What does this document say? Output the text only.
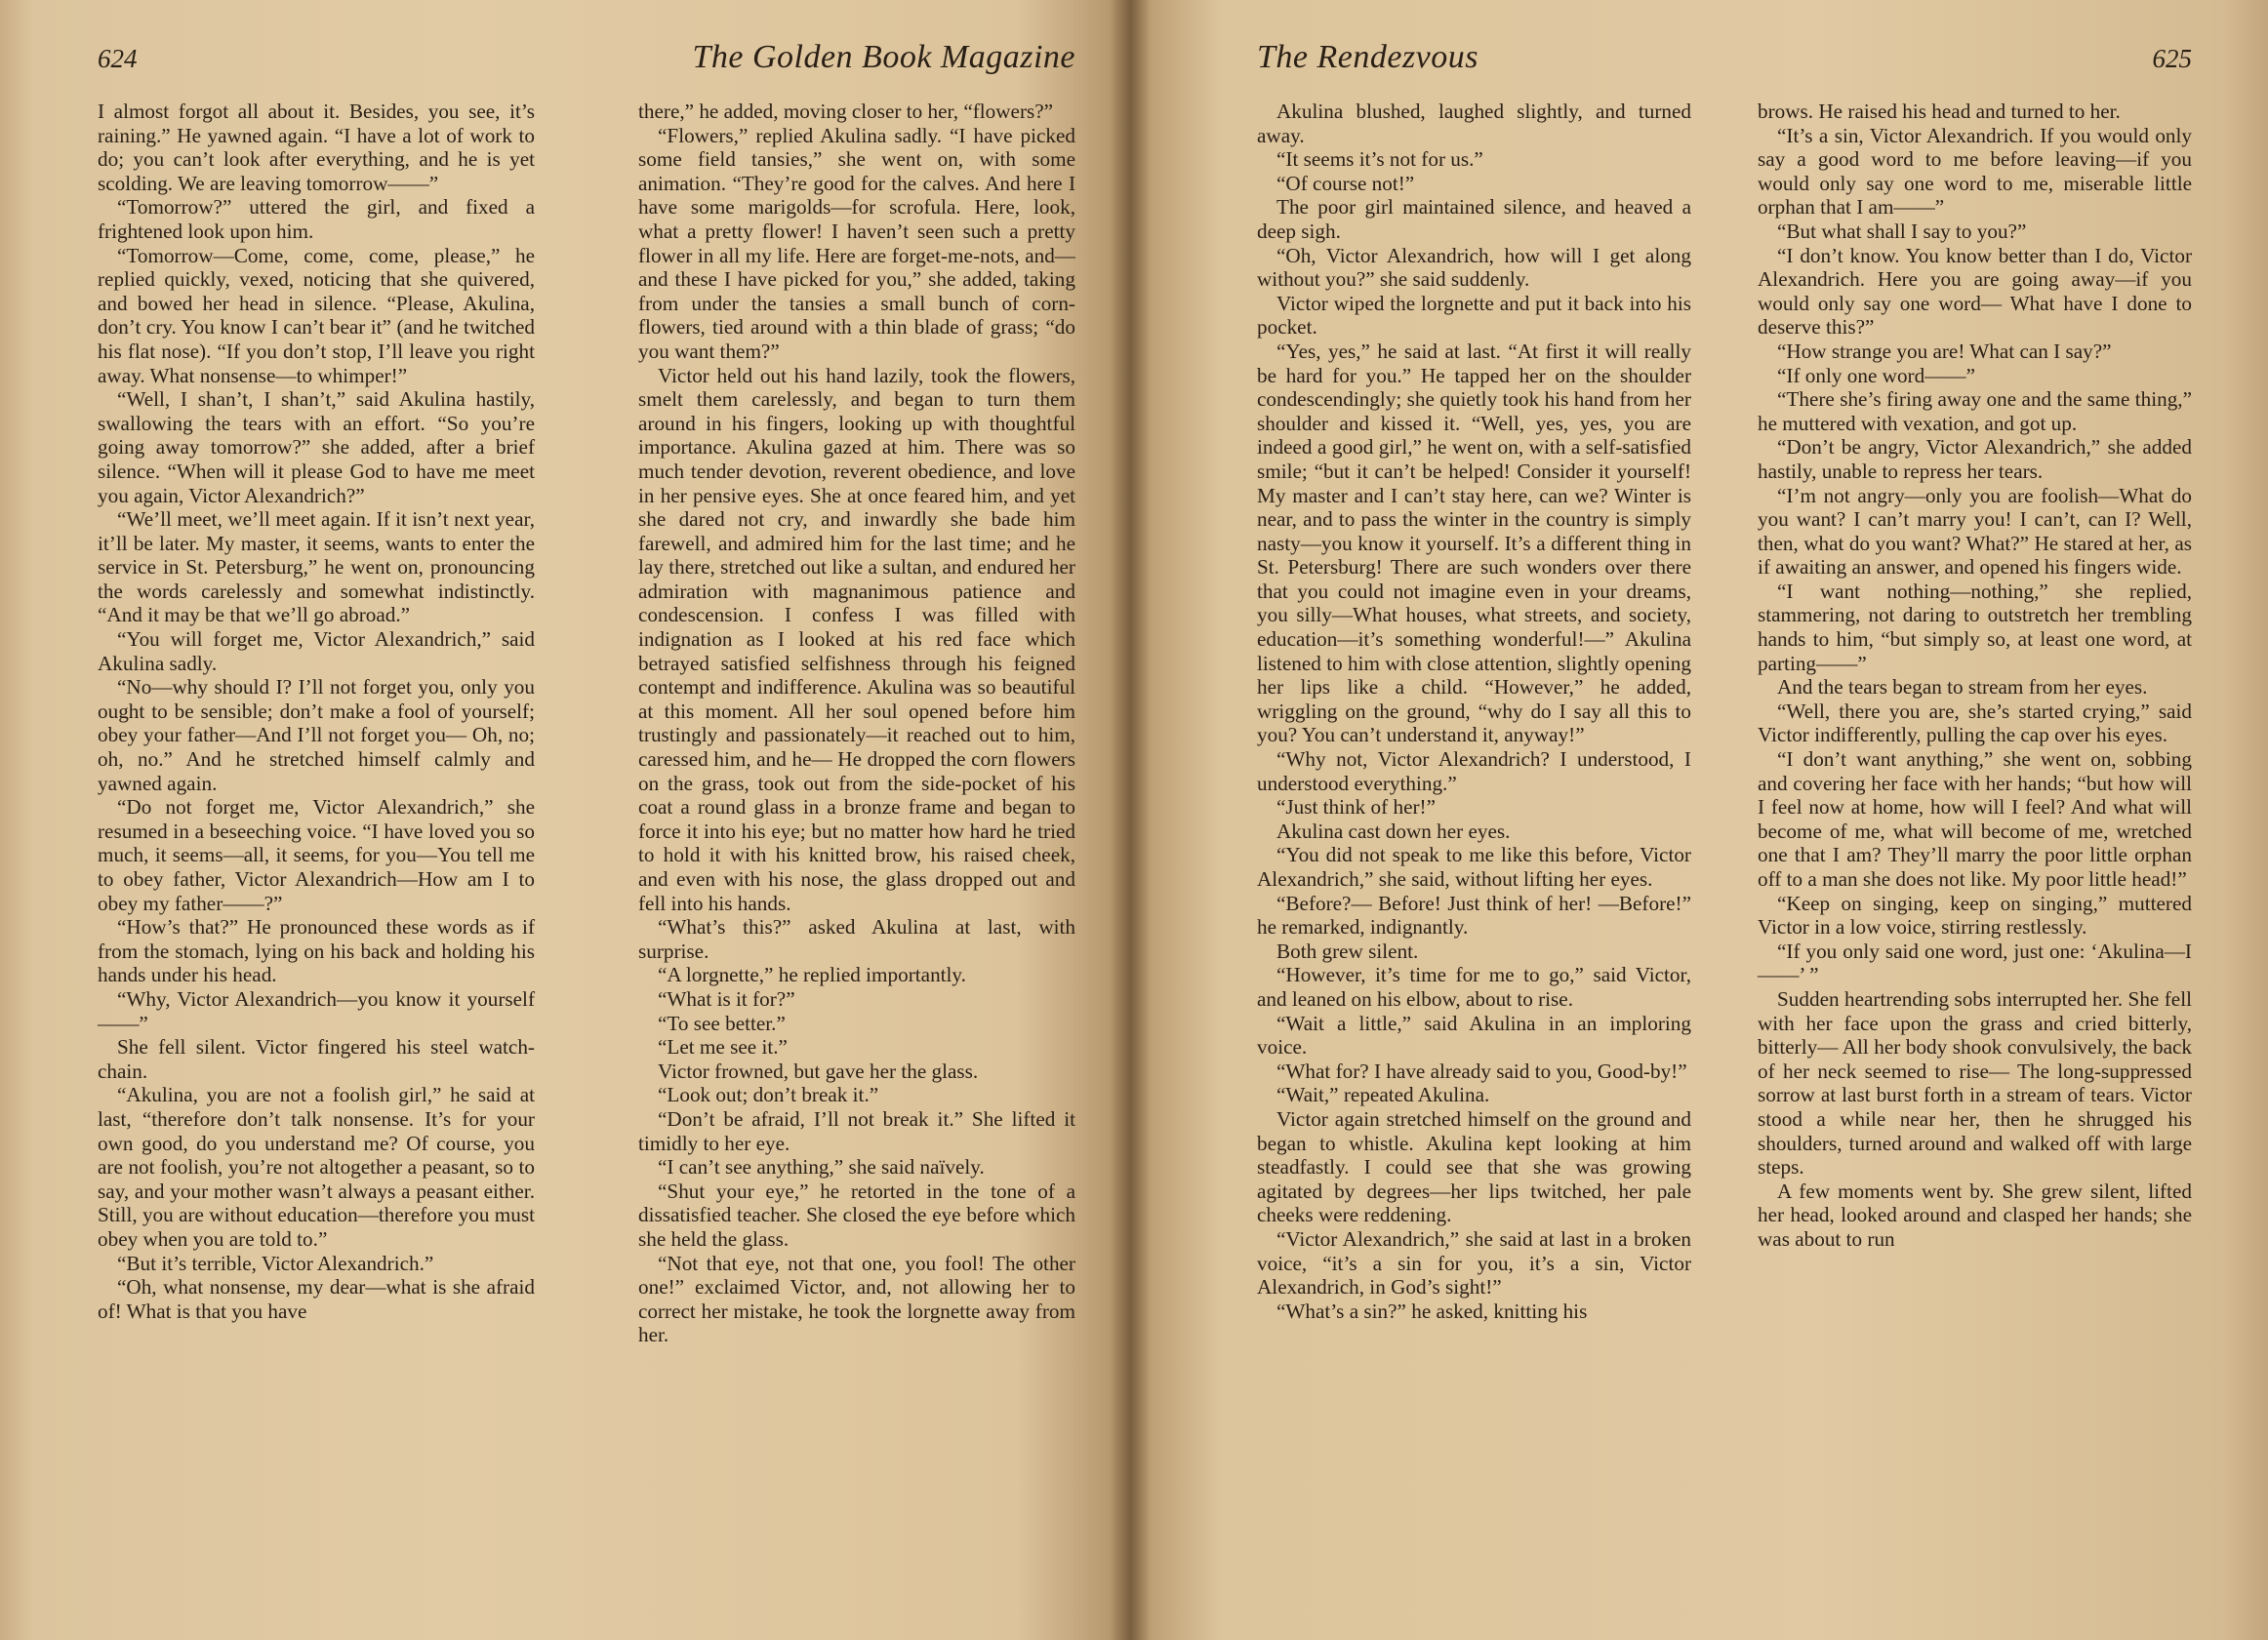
624	The Golden Book Magazine

I almost forgot all about it. Besides, you see, it’s raining.” He yawned again. “I have a lot of work to do; you can’t look after everything, and he is yet scolding. We are leaving tomorrow——”

“Tomorrow?” uttered the girl, and fixed a frightened look upon him.

“Tomorrow—Come, come, come, please,” he replied quickly, vexed, noticing that she quivered, and bowed her head in silence. “Please, Akulina, don’t cry. You know I can’t bear it” (and he twitched his flat nose). “If you don’t stop, I’ll leave you right away. What nonsense—to whimper!”

“Well, I shan’t, I shan’t,” said Akulina hastily, swallowing the tears with an effort. “So you’re going away tomorrow?” she added, after a brief silence. “When will it please God to have me meet you again, Victor Alexandrich?”

“We’ll meet, we’ll meet again. If it isn’t next year, it’ll be later. My master, it seems, wants to enter the service in St. Petersburg,” he went on, pronouncing the words carelessly and somewhat indistinctly. “And it may be that we’ll go abroad.”

“You will forget me, Victor Alexandrich,” said Akulina sadly.

“No—why should I? I’ll not forget you, only you ought to be sensible; don’t make a fool of yourself; obey your father—And I’ll not forget you— Oh, no; oh, no.” And he stretched himself calmly and yawned again.

“Do not forget me, Victor Alexandrich,” she resumed in a beseeching voice. “I have loved you so much, it seems—all, it seems, for you—You tell me to obey father, Victor Alexandrich—How am I to obey my father——?”

“How’s that?” He pronounced these words as if from the stomach, lying on his back and holding his hands under his head.

“Why, Victor Alexandrich—you know it yourself——”

She fell silent. Victor fingered his steel watch-chain.

“Akulina, you are not a foolish girl,” he said at last, “therefore don’t talk nonsense. It’s for your own good, do you understand me? Of course, you are not foolish, you’re not altogether a peasant, so to say, and your mother wasn’t always a peasant either. Still, you are without education—therefore you must obey when you are told to.”

“But it’s terrible, Victor Alexandrich.”

“Oh, what nonsense, my dear—what is she afraid of! What is that you have

there,” he added, moving closer to her, “flowers?”

“Flowers,” replied Akulina sadly. “I have picked some field tansies,” she went on, with some animation. “They’re good for the calves. And here I have some marigolds—for scrofula. Here, look, what a pretty flower! I haven’t seen such a pretty flower in all my life. Here are forget-me-nots, and—and these I have picked for you,” she added, taking from under the tansies a small bunch of corn-flowers, tied around with a thin blade of grass; “do you want them?”

Victor held out his hand lazily, took the flowers, smelt them carelessly, and began to turn them around in his fingers, looking up with thoughtful importance. Akulina gazed at him. There was so much tender devotion, reverent obedience, and love in her pensive eyes. She at once feared him, and yet she dared not cry, and inwardly she bade him farewell, and admired him for the last time; and he lay there, stretched out like a sultan, and endured her admiration with magnanimous patience and condescension. I confess I was filled with indignation as I looked at his red face which betrayed satisfied selfishness through his feigned contempt and indifference. Akulina was so beautiful at this moment. All her soul opened before him trustingly and passionately—it reached out to him, caressed him, and he— He dropped the corn flowers on the grass, took out from the side-pocket of his coat a round glass in a bronze frame and began to force it into his eye; but no matter how hard he tried to hold it with his knitted brow, his raised cheek, and even with his nose, the glass dropped out and fell into his hands.

“What’s this?” asked Akulina at last, with surprise.

“A lorgnette,” he replied importantly.

“What is it for?”

“To see better.”

“Let me see it.”

Victor frowned, but gave her the glass.

“Look out; don’t break it.”

“Don’t be afraid, I’ll not break it.” She lifted it timidly to her eye.

“I can’t see anything,” she said naïvely.

“Shut your eye,” he retorted in the tone of a dissatisfied teacher. She closed the eye before which she held the glass.

“Not that eye, not that one, you fool! The other one!” exclaimed Victor, and, not allowing her to correct her mistake, he took the lorgnette away from her.

The Rendezvous	625

Akulina blushed, laughed slightly, and turned away.

“It seems it’s not for us.”

“Of course not!”

The poor girl maintained silence, and heaved a deep sigh.

“Oh, Victor Alexandrich, how will I get along without you?” she said suddenly.

Victor wiped the lorgnette and put it back into his pocket.

“Yes, yes,” he said at last. “At first it will really be hard for you.” He tapped her on the shoulder condescendingly; she quietly took his hand from her shoulder and kissed it. “Well, yes, yes, you are indeed a good girl,” he went on, with a self-satisfied smile; “but it can’t be helped! Consider it yourself! My master and I can’t stay here, can we? Winter is near, and to pass the winter in the country is simply nasty—you know it yourself. It’s a different thing in St. Petersburg! There are such wonders over there that you could not imagine even in your dreams, you silly—What houses, what streets, and society, education—it’s something wonderful!—” Akulina listened to him with close attention, slightly opening her lips like a child. “However,” he added, wriggling on the ground, “why do I say all this to you? You can’t understand it, anyway!”

“Why not, Victor Alexandrich? I understood, I understood everything.”

“Just think of her!”

Akulina cast down her eyes.

“You did not speak to me like this before, Victor Alexandrich,” she said, without lifting her eyes.

“Before?— Before! Just think of her! —Before!” he remarked, indignantly.

Both grew silent.

“However, it’s time for me to go,” said Victor, and leaned on his elbow, about to rise.

“Wait a little,” said Akulina in an imploring voice.

“What for? I have already said to you, Good-by!”

“Wait,” repeated Akulina.

Victor again stretched himself on the ground and began to whistle. Akulina kept looking at him steadfastly. I could see that she was growing agitated by degrees—her lips twitched, her pale cheeks were reddening.

“Victor Alexandrich,” she said at last in a broken voice, “it’s a sin for you, it’s a sin, Victor Alexandrich, in God’s sight!”

“What’s a sin?” he asked, knitting his

brows. He raised his head and turned to her.

“It’s a sin, Victor Alexandrich. If you would only say a good word to me before leaving—if you would only say one word to me, miserable little orphan that I am——”

“But what shall I say to you?”

“I don’t know. You know better than I do, Victor Alexandrich. Here you are going away—if you would only say one word— What have I done to deserve this?”

“How strange you are! What can I say?”

“If only one word——”

“There she’s firing away one and the same thing,” he muttered with vexation, and got up.

“Don’t be angry, Victor Alexandrich,” she added hastily, unable to repress her tears.

“I’m not angry—only you are foolish—What do you want? I can’t marry you! I can’t, can I? Well, then, what do you want? What?” He stared at her, as if awaiting an answer, and opened his fingers wide.

“I want nothing—nothing,” she replied, stammering, not daring to outstretch her trembling hands to him, “but simply so, at least one word, at parting——”

And the tears began to stream from her eyes.

“Well, there you are, she’s started crying,” said Victor indifferently, pulling the cap over his eyes.

“I don’t want anything,” she went on, sobbing and covering her face with her hands; “but how will I feel now at home, how will I feel? And what will become of me, what will become of me, wretched one that I am? They’ll marry the poor little orphan off to a man she does not like. My poor little head!”

“Keep on singing, keep on singing,” muttered Victor in a low voice, stirring restlessly.

“If you only said one word, just one: ‘Akulina—I——’ ”

Sudden heartrending sobs interrupted her. She fell with her face upon the grass and cried bitterly, bitterly— All her body shook convulsively, the back of her neck seemed to rise— The long-suppressed sorrow at last burst forth in a stream of tears. Victor stood a while near her, then he shrugged his shoulders, turned around and walked off with large steps.

A few moments went by. She grew silent, lifted her head, looked around and clasped her hands; she was about to run
